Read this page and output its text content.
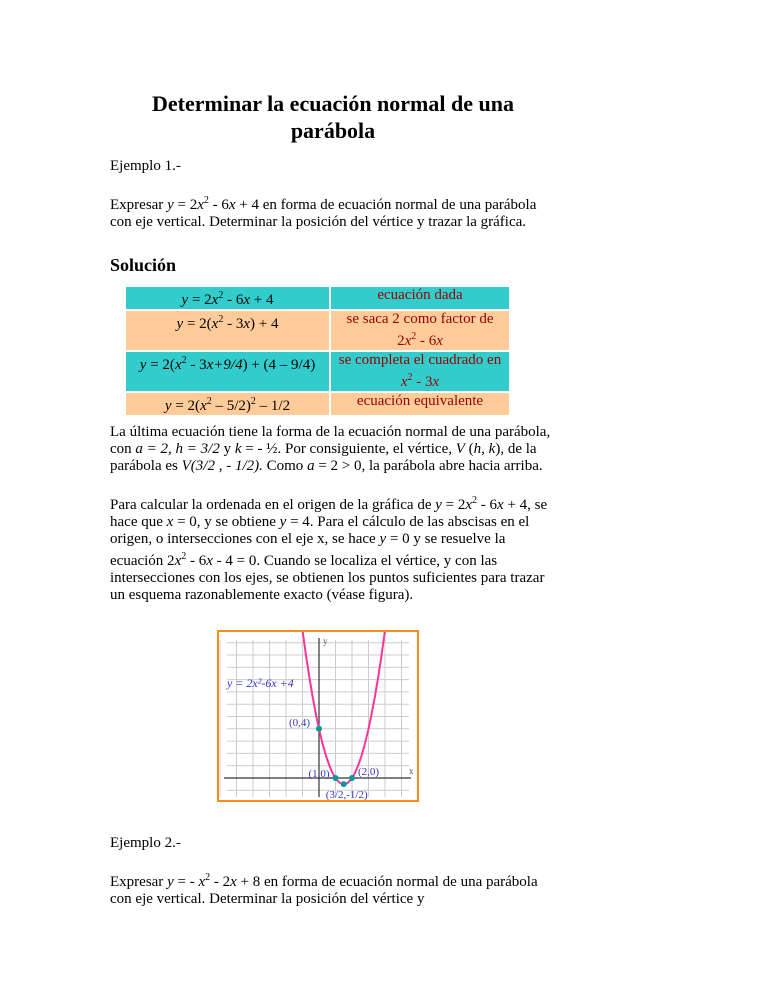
Determinar la ecuación normal de una parábola

Ejemplo 1.-

Expresar $y = 2x^2 - 6x + 4$ en forma de ecuación normal de una parábola con eje vertical. Determinar la posición del vértice y trazar la gráfica.

Solución
$y = 2x^2 - 6x + 4$	ecuación dada

$y = 2(x^2 - 3x) + 4$	se saca 2 como factor de
$2x^2 - 6x$

$y = 2(x^2 - 3x+9/4) + (4 - 9/4)$	se completa el cuadrado en
$x^2 - 3x$

$y = 2(x^2 - 5/2)^2 - 1/2$	ecuación equivalente

La última ecuación tiene la forma de la ecuación normal de una parábola, con a = 2, h = 3/2 y k = - ½. Por consiguiente, el vértice, V (h, k), de la parábola es V(3/2 , - 1/2). Como a = 2 > 0, la parábola abre hacia arriba.

Para calcular la ordenada en el origen de la gráfica de $y = 2x^2 - 6x + 4$, se hace que x = 0, y se obtiene y = 4. Para el cálculo de las abscisas en el origen, o intersecciones con el eje x, se hace y = 0 y se resuelve la ecuación $2x^2 - 6x - 4 = 0$. Cuando se localiza el vértice, y con las intersecciones con los ejes, se obtienen los puntos suficientes para trazar un esquema razonablemente exacto (véase figura).

y
x
y = 2x²-6x +4
(0,4)
(1,0)	(2,0)
(3/2,-1/2)

Ejemplo 2.-

Expresar y = - $x^2 - 2x + 8$ en forma de ecuación normal de una parábola con eje vertical. Determinar la posición del vértice y
